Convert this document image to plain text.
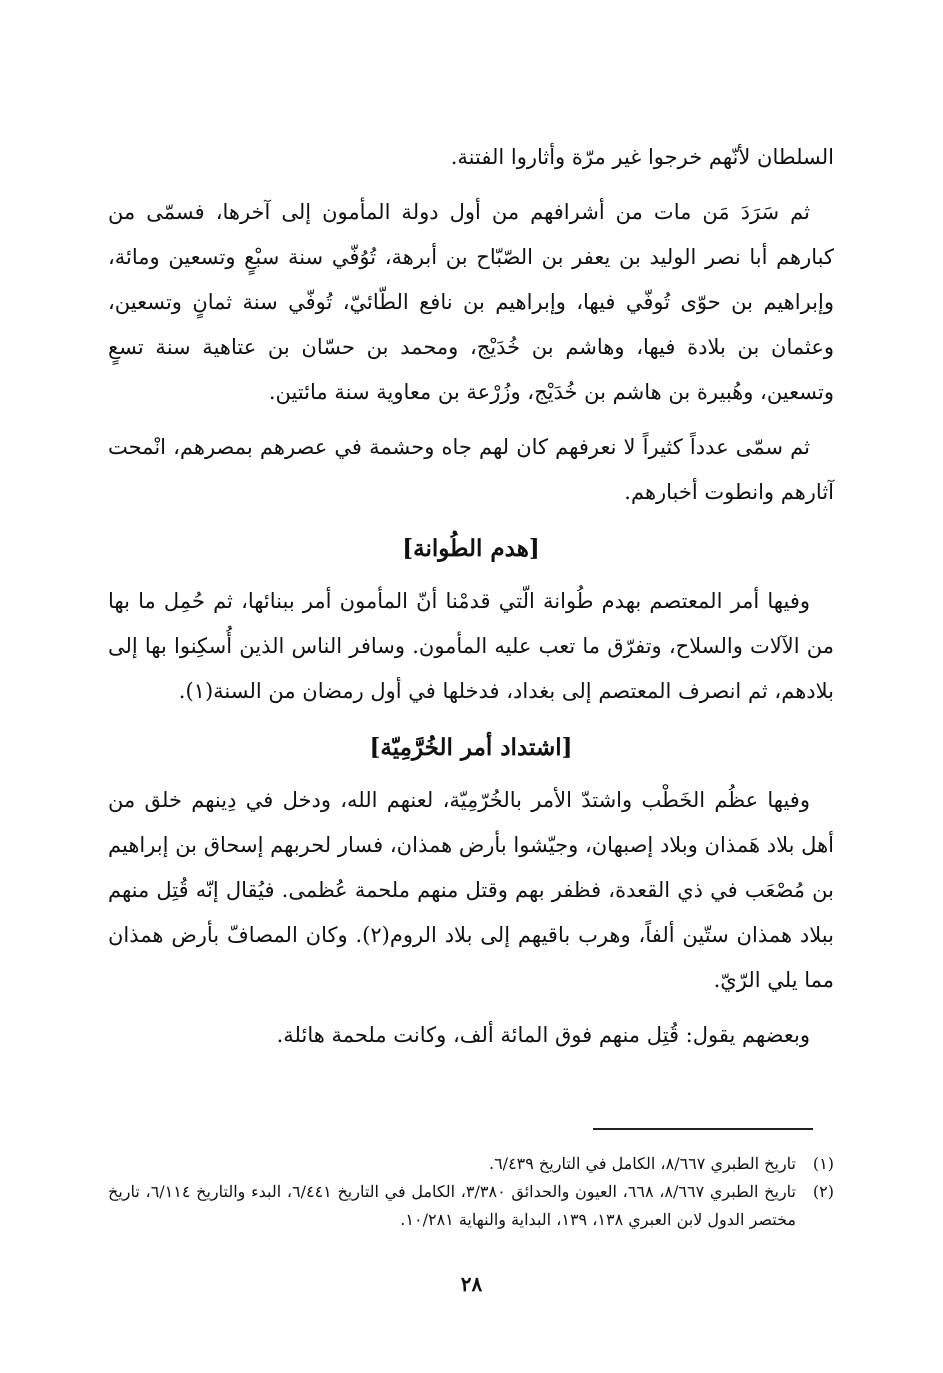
السلطان لأنّهم خرجوا غير مرّة وأثاروا الفتنة.

ثم سَرَدَ مَن مات من أشرافهم من أول دولة المأمون إلى آخرها، فسمّى من كبارهم أبا نصر الوليد بن يعفر بن الصّبّاح بن أبرهة، تُوُفّي سنة سبْعٍ وتسعين ومائة، وإبراهيم بن حوّى تُوفّي فيها، وإبراهيم بن نافع الطّائيّ، تُوفّي سنة ثمانٍ وتسعين، وعثمان بن بلادة فيها، وهاشم بن خُدَيْج، ومحمد بن حسّان بن عتاهية سنة تسعٍ وتسعين، وهُبيرة بن هاشم بن خُدَيْج، وزُرْعة بن معاوية سنة مائتين.

ثم سمّى عدداً كثيراً لا نعرفهم كان لهم جاه وحشمة في عصرهم بمصرهم، انْمحت آثارهم وانطوت أخبارهم.

[هدم الطُوانة]

وفيها أمر المعتصم بهدم طُوانة الّتي قدمْنا أنّ المأمون أمر ببنائها، ثم حُمِل ما بها من الآلات والسلاح، وتفرّق ما تعب عليه المأمون. وسافر الناس الذين أُسكِنوا بها إلى بلادهم، ثم انصرف المعتصم إلى بغداد، فدخلها في أول رمضان من السنة(١).

[اشتداد أمر الخُرَّمِيّة]

وفيها عظُم الخَطْب واشتدّ الأمر بالخُرّمِيّة، لعنهم الله، ودخل في دِينهم خلق من أهل بلاد هَمذان وبلاد إصبهان، وجيّشوا بأرض همذان، فسار لحربهم إسحاق بن إبراهيم بن مُصْعَب في ذي القعدة، فظفر بهم وقتل منهم ملحمة عُظمى. فيُقال إنّه قُتِل منهم ببلاد همذان ستّين ألفاً، وهرب باقيهم إلى بلاد الروم(٢). وكان المصافّ بأرض همذان مما يلي الرّيّ.

وبعضهم يقول: قُتِل منهم فوق المائة ألف، وكانت ملحمة هائلة.

(١)
تاريخ الطبري ٨/٦٦٧، الكامل في التاريخ ٦/٤٣٩.
(٢)
تاريخ الطبري ٨/٦٦٧، ٦٦٨، العيون والحدائق ٣/٣٨٠، الكامل في التاريخ ٦/٤٤١، البدء والتاريخ ٦/١١٤، تاريخ مختصر الدول لابن العبري ١٣٨، ١٣٩، البداية والنهاية ١٠/٢٨١.
٢٨
